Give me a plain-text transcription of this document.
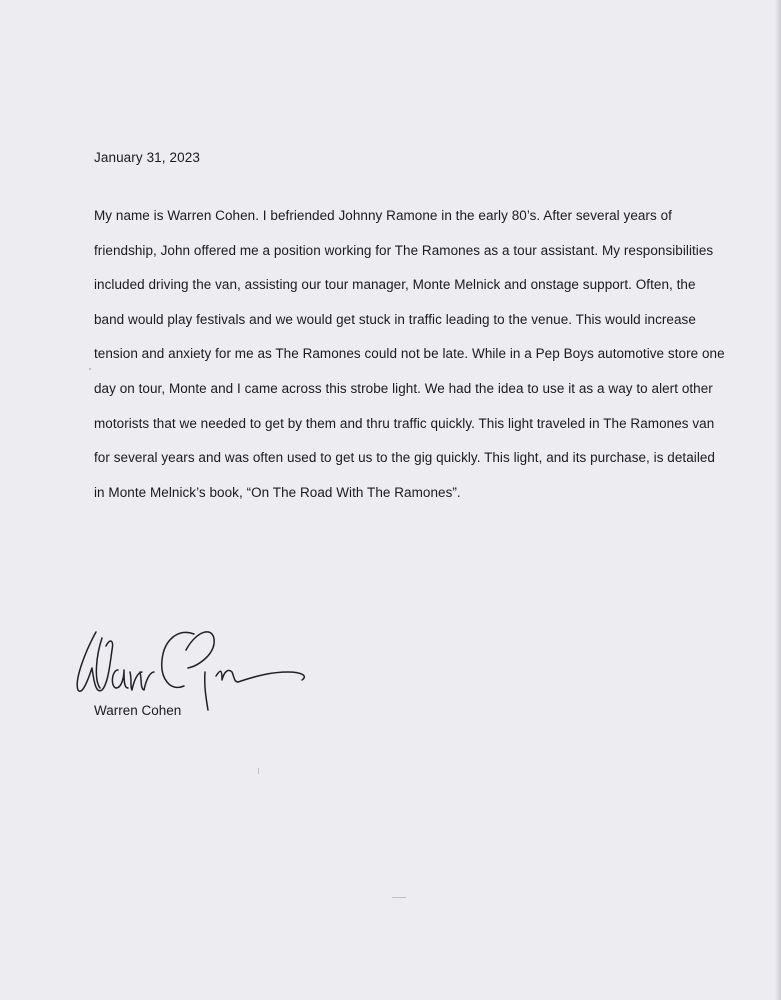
January 31, 2023
My name is Warren Cohen. I befriended Johnny Ramone in the early 80’s. After several years of
friendship, John offered me a position working for The Ramones as a tour assistant. My responsibilities
included driving the van, assisting our tour manager, Monte Melnick and onstage support. Often, the
band would play festivals and we would get stuck in traffic leading to the venue. This would increase
tension and anxiety for me as The Ramones could not be late. While in a Pep Boys automotive store one
day on tour, Monte and I came across this strobe light. We had the idea to use it as a way to alert other
motorists that we needed to get by them and thru traffic quickly. This light traveled in The Ramones van
for several years and was often used to get us to the gig quickly. This light, and its purchase, is detailed
in Monte Melnick’s book, “On The Road With The Ramones”.
Warren Cohen
